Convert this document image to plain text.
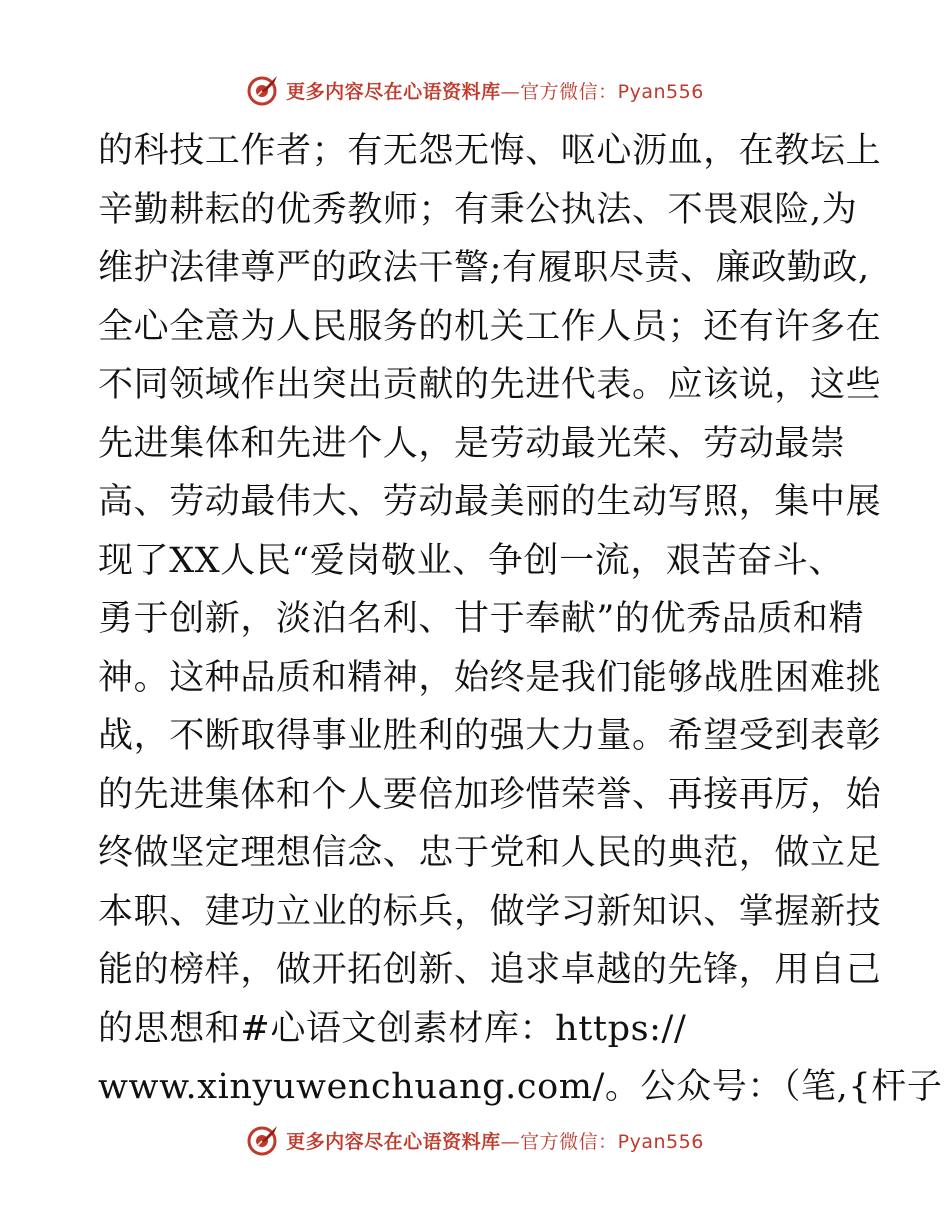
更多内容尽在心语资料库—官方微信：Pyan556
的科技工作者；有无怨无悔、呕心沥血，在教坛上
辛勤耕耘的优秀教师；有秉公执法、不畏艰险,为
维护法律尊严的政法干警;有履职尽责、廉政勤政,
全心全意为人民服务的机关工作人员；还有许多在
不同领域作出突出贡献的先进代表。应该说，这些
先进集体和先进个人，是劳动最光荣、劳动最崇
高、劳动最伟大、劳动最美丽的生动写照，集中展
现了XX人民“爱岗敬业、争创一流，艰苦奋斗、
勇于创新，淡泊名利、甘于奉献”的优秀品质和精
神。这种品质和精神，始终是我们能够战胜困难挑
战，不断取得事业胜利的强大力量。希望受到表彰
的先进集体和个人要倍加珍惜荣誉、再接再厉，始
终做坚定理想信念、忠于党和人民的典范，做立足
本职、建功立业的标兵，做学习新知识、掌握新技
能的榜样，做开拓创新、追求卓越的先锋，用自己
的思想和#心语文创素材库：https://
www.xinyuwenchuang.com/。公众号：（笔,{杆子
更多内容尽在心语资料库—官方微信：Pyan556
